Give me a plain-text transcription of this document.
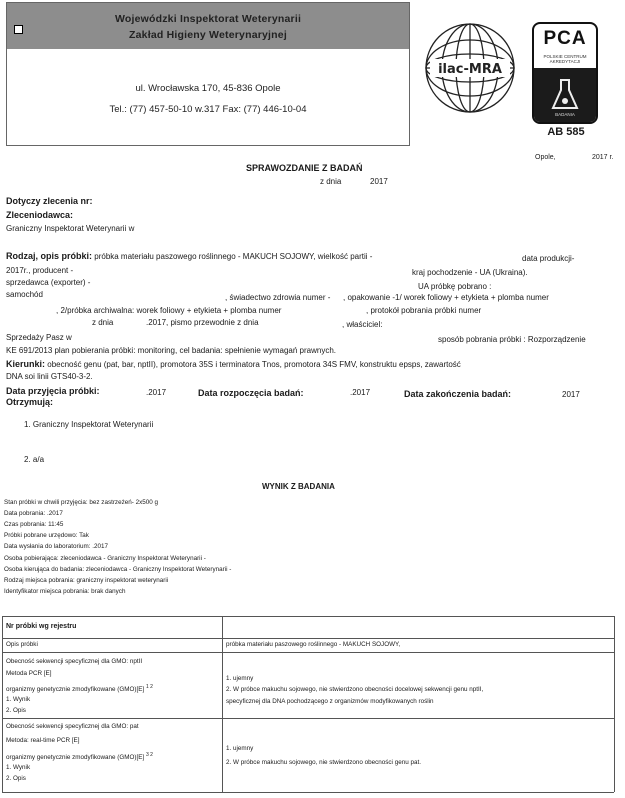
Wojewódzki Inspektorat Weterynarii
Zakład Higieny Weterynaryjnej
ul. Wrocławska 170, 45-836 Opole
Tel.: (77) 457-50-10 w.317 Fax: (77) 446-10-04
ilac-MRA
PCA
POLSKIE CENTRUM
AKREDYTACJI
BADANIA
AB 585
Opole,	2017 r.
SPRAWOZDANIE Z BADAŃ
z dnia	2017
Dotyczy zlecenia nr:
Zleceniodawca:
Graniczny Inspektorat Weterynarii w
Rodzaj, opis próbki: próbka materiału paszowego roślinnego - MAKUCH SOJOWY, wielkość partii -	data produkcji-
2017r., producent -	kraj pochodzenie - UA (Ukraina).
sprzedawca (exporter) -	UA próbkę pobrano :
samochód	, świadectwo zdrowia numer - , opakowanie -1/ worek foliowy + etykieta + plomba numer
, 2/próbka archiwalna: worek foliowy + etykieta + plomba numer	, protokół pobrania próbki numer
z dnia	.2017, pismo przewodnie z dnia	, właściciel:
Sprzedaży Pasz w	sposób pobrania próbki : Rozporządzenie
KE 691/2013 plan pobierania próbki: monitoring, cel badania: spełnienie wymagań prawnych.
Kierunki: obecność genu (pat, bar, nptII), promotora 35S i terminatora Tnos, promotora 34S FMV, konstruktu epsps, zawartość
DNA soi linii GTS40-3-2.
Data przyjęcia próbki:	.2017	Data rozpoczęcia badań:	.2017	Data zakończenia badań:	2017
Otrzymują:
1. Graniczny Inspektorat Weterynarii
2. a/a
WYNIK Z BADANIA
Stan próbki w chwili przyjęcia: bez zastrzeżeń- 2x500 g
Data pobrania: .2017
Czas pobrania: 11:45
Próbki pobrane urzędowo: Tak
Data wysłania do laboratorium: .2017
Osoba pobierająca: zleceniodawca - Graniczny Inspektorat Weterynarii -
Osoba kierująca do badania: zleceniodawca - Graniczny Inspektorat Weterynarii -
Rodzaj miejsca pobrania: graniczny inspektorat weterynarii
Identyfikator miejsca pobrania: brak danych
Nr próbki wg rejestru
Opis próbki	próbka materiału paszowego roślinnego - MAKUCH SOJOWY,
Obecność sekwencji specyficznej dla GMO: nptII
Metoda PCR [E]
organizmy genetycznie zmodyfikowane (GMO)[E] $^{1 2}$
1. Wynik
2. Opis
1. ujemny
2. W próbce makuchu sojowego, nie stwierdzono obecności docelowej sekwencji genu nptII,
specyficznej dla DNA pochodzącego z organizmów modyfikowanych roślin
Obecność sekwencji specyficznej dla GMO: pat
Metoda: real-time PCR [E]
organizmy genetycznie zmodyfikowane (GMO)[E] $^{3 2}$
1. Wynik
2. Opis
1. ujemny
2. W próbce makuchu sojowego, nie stwierdzono obecności genu pat.
